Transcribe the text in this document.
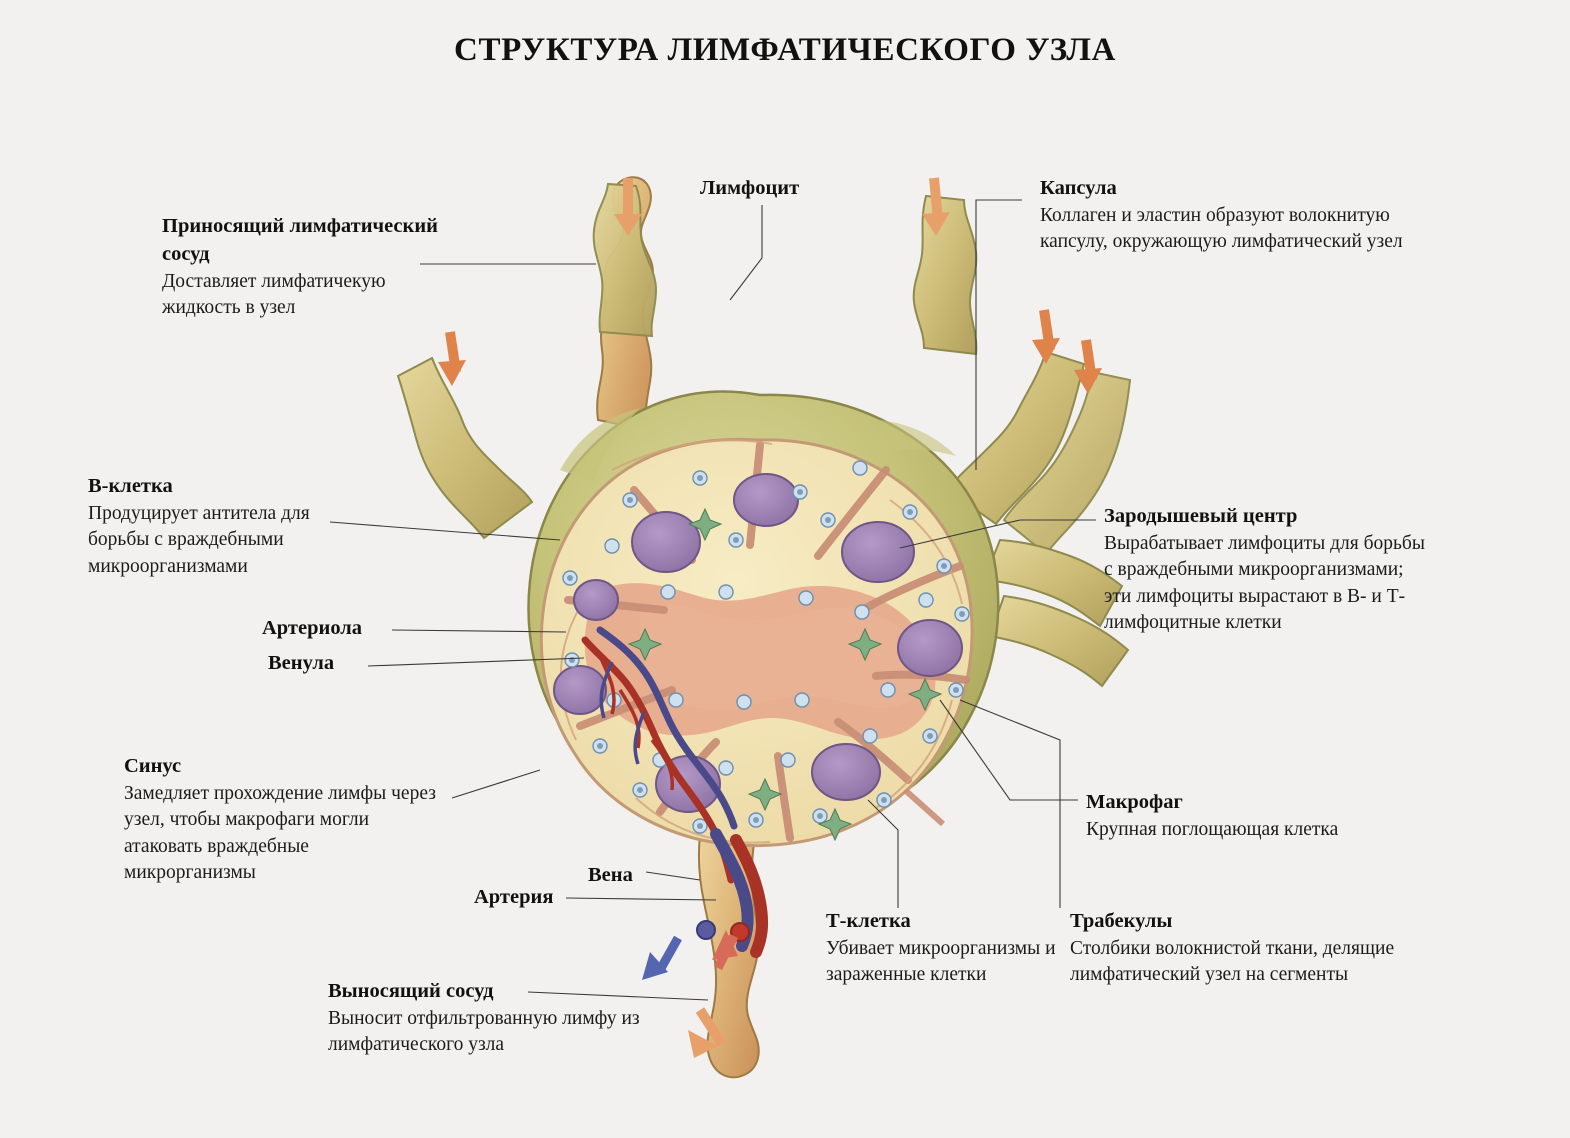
СТРУКТУРА ЛИМФАТИЧЕСКОГО УЗЛА
Лимфоцит	Капсула
Коллаген и эластин образуют волокнитую капсулу, окружающую лимфатический узел
Приносящий лимфатический сосуд
Доставляет лимфатичекую жидкость в узел
B-клетка
Продуцирует антитела для борьбы с враждебными микроорганизмами
Зародышевый центр
Вырабатывает лимфоциты для борьбы с враждебными микроорганизмами; эти лимфоциты вырастают в B- и Т- лимфоцитные клетки
Артериола
Венула
Синус
Замедляет прохождение лимфы через узел, чтобы макрофаги могли атаковать враждебные микрорганизмы
Макрофаг
Крупная поглощающая клетка
Вена
Артерия
Т-клетка
Убивает микроорганизмы и зараженные клетки
Трабекулы
Столбики волокнистой ткани, делящие лимфатический узел на сегменты
Выносящий сосуд
Выносит отфильтрованную лимфу из лимфатического узла
